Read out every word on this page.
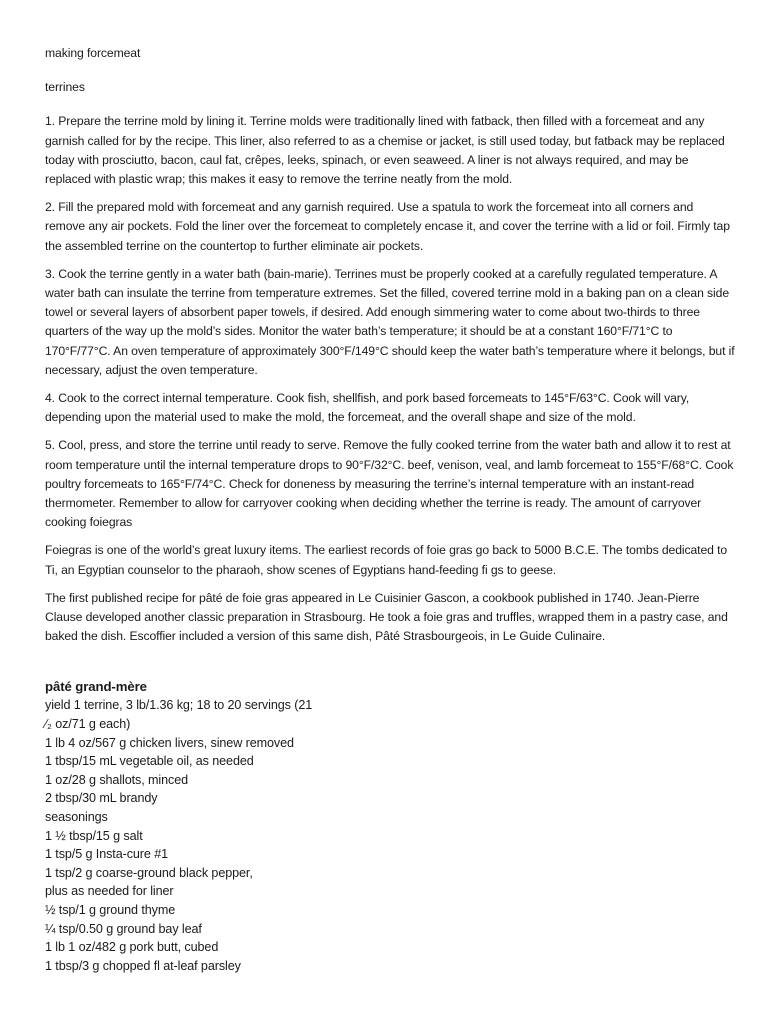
making forcemeat

terrines

1. Prepare the terrine mold by lining it. Terrine molds were traditionally lined with fatback, then filled with a forcemeat and any garnish called for by the recipe. This liner, also referred to as a chemise or jacket, is still used today, but fatback may be replaced today with prosciutto, bacon, caul fat, crêpes, leeks, spinach, or even seaweed. A liner is not always required, and may be replaced with plastic wrap; this makes it easy to remove the terrine neatly from the mold.

2. Fill the prepared mold with forcemeat and any garnish required. Use a spatula to work the forcemeat into all corners and remove any air pockets. Fold the liner over the forcemeat to completely encase it, and cover the terrine with a lid or foil. Firmly tap the assembled terrine on the countertop to further eliminate air pockets.

3. Cook the terrine gently in a water bath (bain-marie). Terrines must be properly cooked at a carefully regulated temperature. A water bath can insulate the terrine from temperature extremes. Set the filled, covered terrine mold in a baking pan on a clean side towel or several layers of absorbent paper towels, if desired. Add enough simmering water to come about two-thirds to three quarters of the way up the mold’s sides. Monitor the water bath’s temperature; it should be at a constant 160°F/71°C to 170°F/77°C. An oven temperature of approximately 300°F/149°C should keep the water bath’s temperature where it belongs, but if necessary, adjust the oven temperature.

4. Cook to the correct internal temperature. Cook fish, shellfish, and pork based forcemeats to 145°F/63°C. Cook will vary, depending upon the material used to make the mold, the forcemeat, and the overall shape and size of the mold.

5. Cool, press, and store the terrine until ready to serve. Remove the fully cooked terrine from the water bath and allow it to rest at room temperature until the internal temperature drops to 90°F/32°C. beef, venison, veal, and lamb forcemeat to 155°F/68°C. Cook poultry forcemeats to 165°F/74°C. Check for doneness by measuring the terrine’s internal temperature with an instant-read thermometer. Remember to allow for carryover cooking when deciding whether the terrine is ready. The amount of carryover cooking foiegras

Foiegras is one of the world’s great luxury items. The earliest records of foie gras go back to 5000 B.C.E. The tombs dedicated to Ti, an Egyptian counselor to the pharaoh, show scenes of Egyptians hand-feeding fi gs to geese.

The first published recipe for pâté de foie gras appeared in Le Cuisinier Gascon, a cookbook published in 1740. Jean-Pierre Clause developed another classic preparation in Strasbourg. He took a foie gras and truffles, wrapped them in a pastry case, and baked the dish. Escoffier included a version of this same dish, Pâté Strasbourgeois, in Le Guide Culinaire.

pâté grand-mère

yield 1 terrine, 3 lb/1.36 kg; 18 to 20 servings (21
⁄₂ oz/71 g each)
1 lb 4 oz/567 g chicken livers, sinew removed
1 tbsp/15 mL vegetable oil, as needed
1 oz/28 g shallots, minced
2 tbsp/30 mL brandy
seasonings
1 ½ tbsp/15 g salt
1 tsp/5 g Insta-cure #1
1 tsp/2 g coarse-ground black pepper,
plus as needed for liner
½ tsp/1 g ground thyme
¼ tsp/0.50 g ground bay leaf
1 lb 1 oz/482 g pork butt, cubed
1 tbsp/3 g chopped fl at-leaf parsley
